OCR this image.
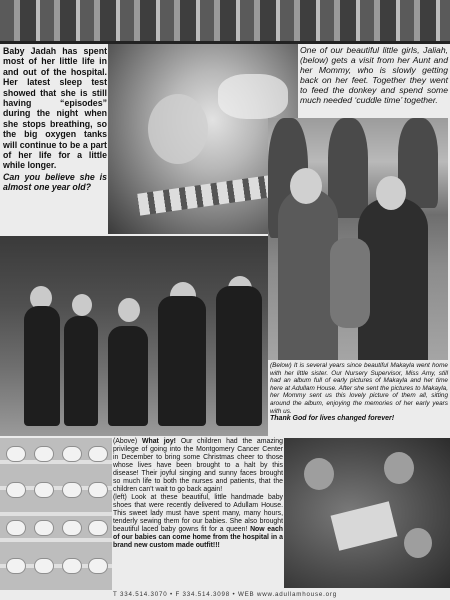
Baby Jadah has spent most of her little life in and out of the hospital. Her latest sleep test showed that she is still having “episodes” during the night when she stops breathing, so the big oxygen tanks will continue to be a part of her life for a little while longer.
Can you believe she is almost one year old?
One of our beautiful little girls, Jaliah, (below) gets a visit from her Aunt and her Mommy, who is slowly getting back on her feet. Together they went to feed the donkey and spend some much needed ‘cuddle time’ together.
(Below) It is several years since beautiful Makayla went home with her little sister. Our Nursery Supervisor, Miss Amy, still had an album full of early pictures of Makayla and her time here at Adullam House. After she sent the pictures to Makayla, her Mommy sent us this lovely picture of them all, sitting around the album, enjoying the memories of her early years with us.
Thank God for lives changed forever!
(Above) What joy! Our children had the amazing privilege of going into the Montgomery Cancer Center in December to bring some Christmas cheer to those whose lives have been brought to a halt by this disease! Their joyful singing and sunny faces brought so much life to both the nurses and patients, that the children can’t wait to go back again!
(left) Look at these beautiful, little handmade baby shoes that were recently delivered to Adullam House. This sweet lady must have spent many, many hours, tenderly sewing them for our babies. She also brought beautiful laced baby gowns fit for a queen! Now each of our babies can come home from the hospital in a brand new custom made outfit!!!
T 334.514.3070 • F 334.514.3098 • WEB www.adullamhouse.org
